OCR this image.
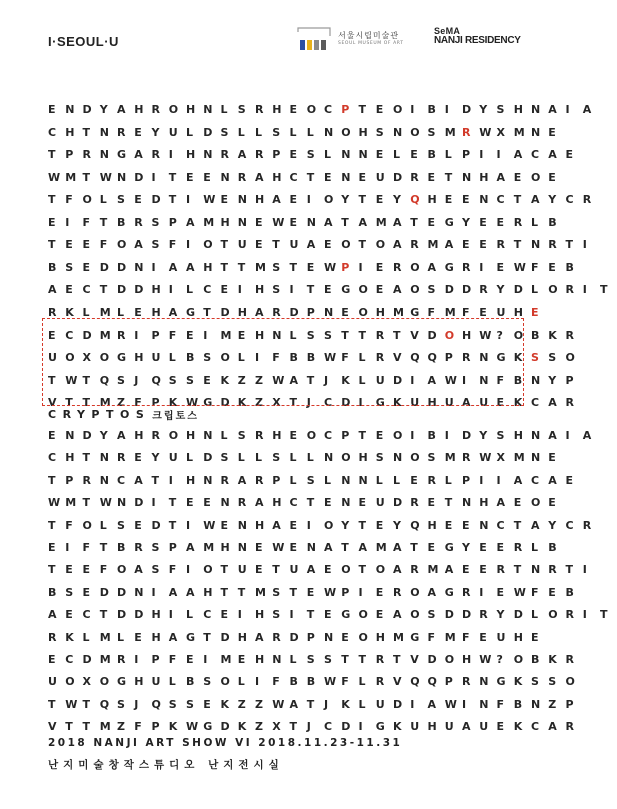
I·SEOUL·U	서울시립미술관
SEOUL MUSEUM OF ART
SeMA
NANJI RESIDENCY
E N D Y A H R O H N L S R H E O C P T E O I	B I	D Y S H N A I	A
C H T N R E Y U L D S L L S L L N O H S N O S M R W X M N E
T P R N G A R I	H N R A R P E S L N N E L E B L P I	I	A C A E
W M T W N D I	T E E N R A H C T E N E U D R E T N H A E O E
T F O L S E D T I	W E N H A E I	O Y T E Y Q H E E N C T A Y C R
E I	F T B R S P A M H N E W E N A T A M A T E G Y E E R L B
T E E F O A S F I	O T U E T U A E O T O A R M A E E R T N R T I
B S E D D N I	A A H T T M S T E W P I	E R O A G R I	E W F E B
A E C T D D H I	L C E I	H S I	T E G O E A O S D D R Y D L O R I	T
R K L M L E H A G T D H A R D P N E O H M G F M F E U H E
E C D M R I	P F E I	M E H N L S S T T R T V D O H W ? O B K R
U O X O G H U L B S O L I	F B B W F L R V Q Q P R N G K S S O
T W T Q S J	Q S S E K Z Z W A T J	K L U D I	A W I	N F B N Y P
V T T M Z F P K W G D K Z X T J	C D I	G K U H U A U E K C A R
CRYPTOS 크립토스
E N D Y A H R O H N L S R H E O C P T E O I	B I	D Y S H N A I	A
C H T N R E Y U L D S L L S L L N O H S N O S M R W X M N E
T P R N C A T I	H N R A R P L S L N N L L E R L P I	I	A C A E
W M T W N D I	T E E N R A H C T E N E U D R E T N H A E O E
T F O L S E D T I	W E N H A E I	O Y T E Y Q H E E N C T A Y C R
E I	F T B R S P A M H N E W E N A T A M A T E G Y E E R L B
T E E F O A S F I	O T U E T U A E O T O A R M A E E R T N R T I
B S E D D N I	A A H T T M S T E W P I	E R O A G R I	E W F E B
A E C T D D H I	L C E I	H S I	T E G O E A O S D D R Y D L O R I	T
R K L M L E H A G T D H A R D P N E O H M G F M F E U H E
E C D M R I	P F E I	M E H N L S S T T R T V D O H W ? O B K R
U O X O G H U L B S O L I	F B B W F L R V Q Q P R N G K S S O
T W T Q S J	Q S S E K Z Z W A T J	K L U D I	A W I	N F B N Z P
V T T M Z F P K W G D K Z X T J	C D I	G K U H U A U E K C A R
2018 NANJI ART SHOW VI 2018.11.23-11.31
난지미술창작스튜디오 난지전시실
